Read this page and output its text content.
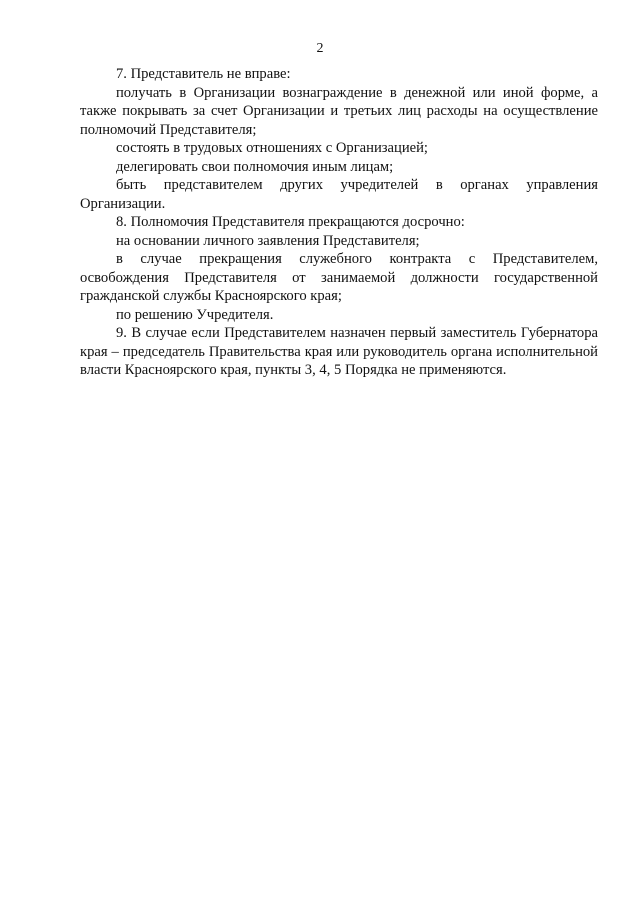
2

7. Представитель не вправе:

получать в Организации вознаграждение в денежной или иной форме, а также покрывать за счет Организации и третьих лиц расходы на осуществление полномочий Представителя;

состоять в трудовых отношениях с Организацией;

делегировать свои полномочия иным лицам;

быть представителем других учредителей в органах управления Организации.

8. Полномочия Представителя прекращаются досрочно:

на основании личного заявления Представителя;

в случае прекращения служебного контракта с Представителем, освобождения Представителя от занимаемой должности государственной гражданской службы Красноярского края;

по решению Учредителя.

9. В случае если Представителем назначен первый заместитель Губернатора края – председатель Правительства края или руководитель органа исполнительной власти Красноярского края, пункты 3, 4, 5 Порядка не применяются.
